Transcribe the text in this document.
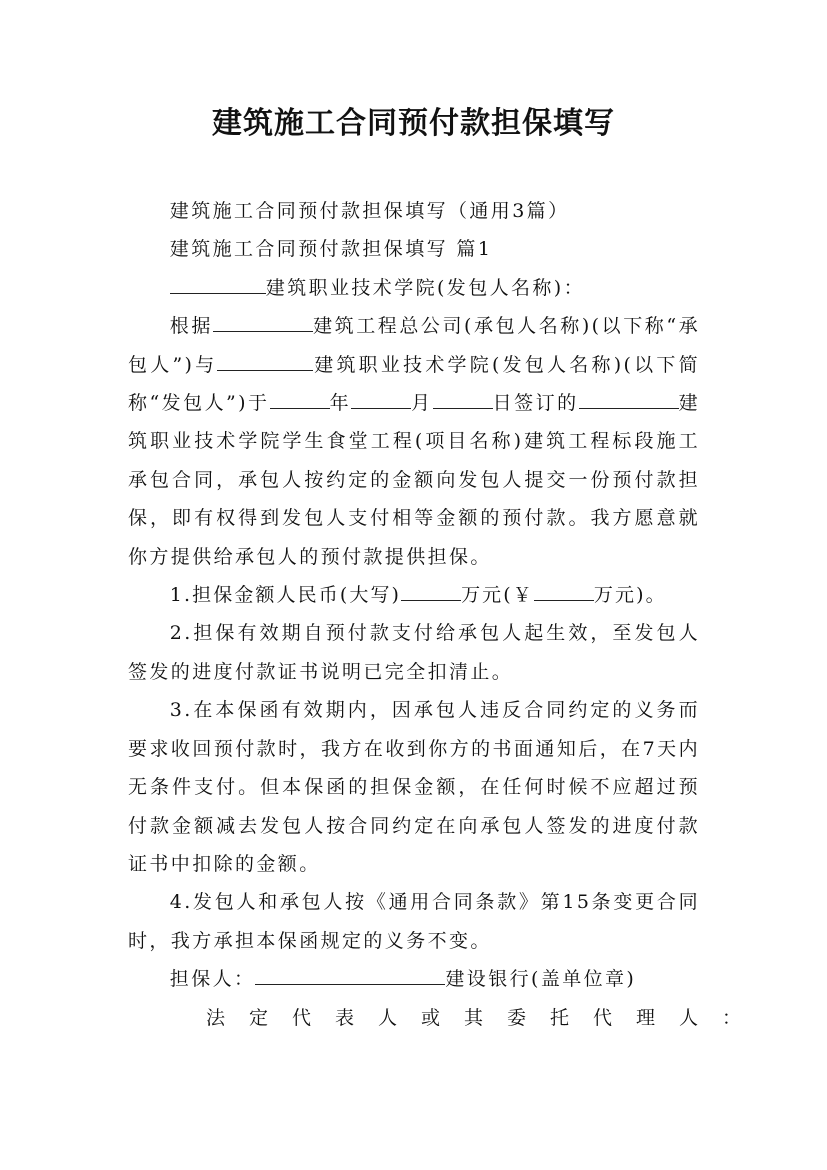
建筑施工合同预付款担保填写

建筑施工合同预付款担保填写（通用3篇）

建筑施工合同预付款担保填写 篇1

建筑职业技术学院(发包人名称)：

根据	建筑工程总公司(承包人名称)(以下称“承包人”)与	建筑职业技术学院(发包人名称)(以下简称“发包人”)于	年	月	日签订的	建筑职业技术学院学生食堂工程(项目名称)建筑工程标段施工承包合同，承包人按约定的金额向发包人提交一份预付款担保，即有权得到发包人支付相等金额的预付款。我方愿意就你方提供给承包人的预付款提供担保。

1.担保金额人民币(大写)	万元(￥	万元)。

2.担保有效期自预付款支付给承包人起生效，至发包人签发的进度付款证书说明已完全扣清止。

3.在本保函有效期内，因承包人违反合同约定的义务而要求收回预付款时，我方在收到你方的书面通知后，在7天内无条件支付。但本保函的担保金额，在任何时候不应超过预付款金额减去发包人按合同约定在向承包人签发的进度付款证书中扣除的金额。

4.发包人和承包人按《通用合同条款》第15条变更合同时，我方承担本保函规定的义务不变。

担保人：	建设银行(盖单位章)

法定代表人或其委托代理人：
